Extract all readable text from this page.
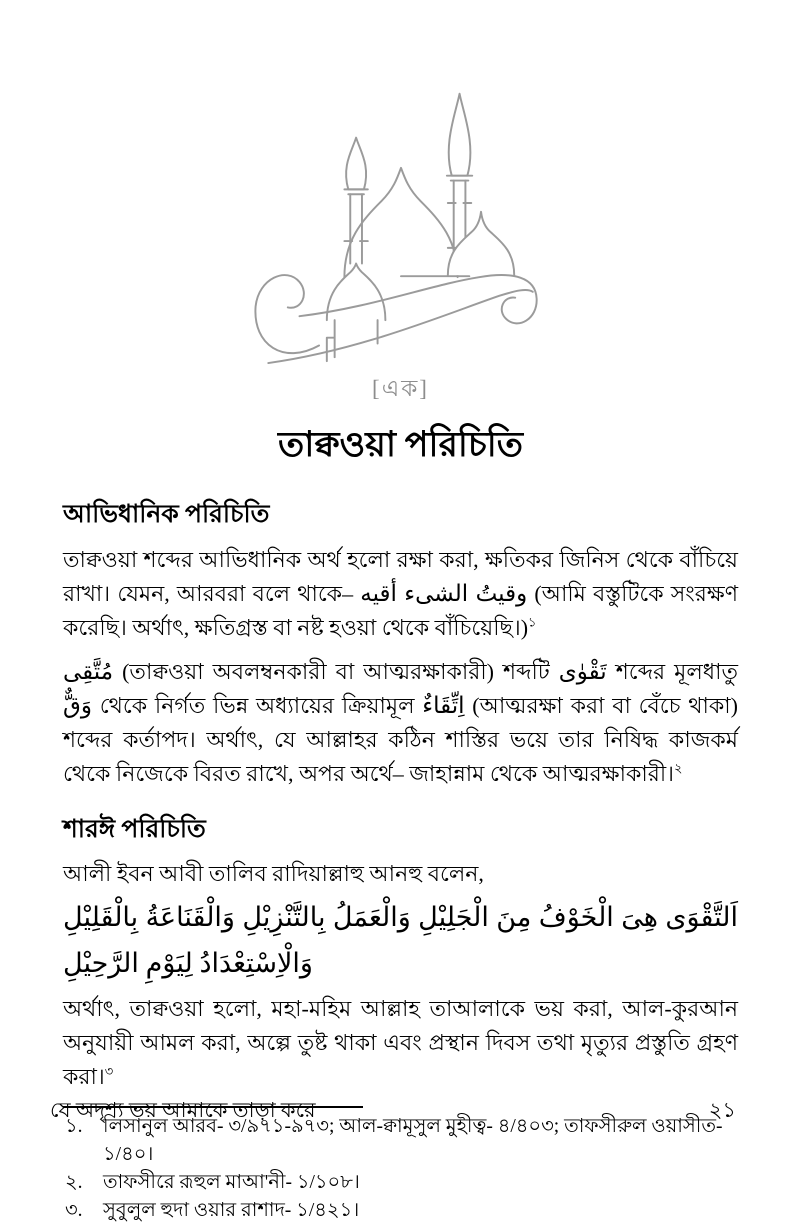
[এক]
তাক্বওয়া পরিচিতি
আভিধানিক পরিচিতি

তাক্বওয়া শব্দের আভিধানিক অর্থ হলো রক্ষা করা, ক্ষতিকর জিনিস থেকে বাঁচিয়ে রাখা। যেমন, আরবরা বলে থাকে– وقيتُ الشىء أقيه (আমি বস্তুটিকে সংরক্ষণ করেছি। অর্থাৎ, ক্ষতিগ্রস্ত বা নষ্ট হওয়া থেকে বাঁচিয়েছি।)$^১$

مُتَّقِى (তাক্বওয়া অবলম্বনকারী বা আত্মরক্ষাকারী) শব্দটি تَقْوٰى শব্দের মূলধাতু وَقٌّ থেকে নির্গত ভিন্ন অধ্যায়ের ক্রিয়ামূল اِتِّقَاءٌ (আত্মরক্ষা করা বা বেঁচে থাকা) শব্দের কর্তাপদ। অর্থাৎ, যে আল্লাহর কঠিন শাস্তির ভয়ে তার নিষিদ্ধ কাজকর্ম থেকে নিজেকে বিরত রাখে, অপর অর্থে– জাহান্নাম থেকে আত্মরক্ষাকারী।$^২$

শারঈ পরিচিতি

আলী ইবন আবী তালিব রাদিয়াল্লাহু আনহু বলেন,

اَلتَّقْوَى هِىَ الْخَوْفُ مِنَ الْجَلِيْلِ وَالْعَمَلُ بِالتَّنْزِيْلِ وَالْقَنَاعَةُ بِالْقَلِيْلِ وَالْاِسْتِعْدَادُ لِيَوْمِ الرَّحِيْلِ

অর্থাৎ, তাক্বওয়া হলো, মহা-মহিম আল্লাহ তাআলাকে ভয় করা, আল-কুরআন অনুযায়ী আমল করা, অল্পে তুষ্ট থাকা এবং প্রস্থান দিবস তথা মৃত্যুর প্রস্তুতি গ্রহণ করা।$^৩$

১.	লিসানুল আরব- ৩/৯৭১-৯৭৩; আল-ক্বামূসুল মুহীত্ব- ৪/৪০৩; তাফসীরুল ওয়াসীত- ১/৪০।
২.	তাফসীরে রূহুল মাআ'নী- ১/১০৮।
৩.	সুবুলুল হুদা ওয়ার রাশাদ- ১/৪২১।
যে অদৃশ্য ভয় আমাকে তাড়া করে	২১
